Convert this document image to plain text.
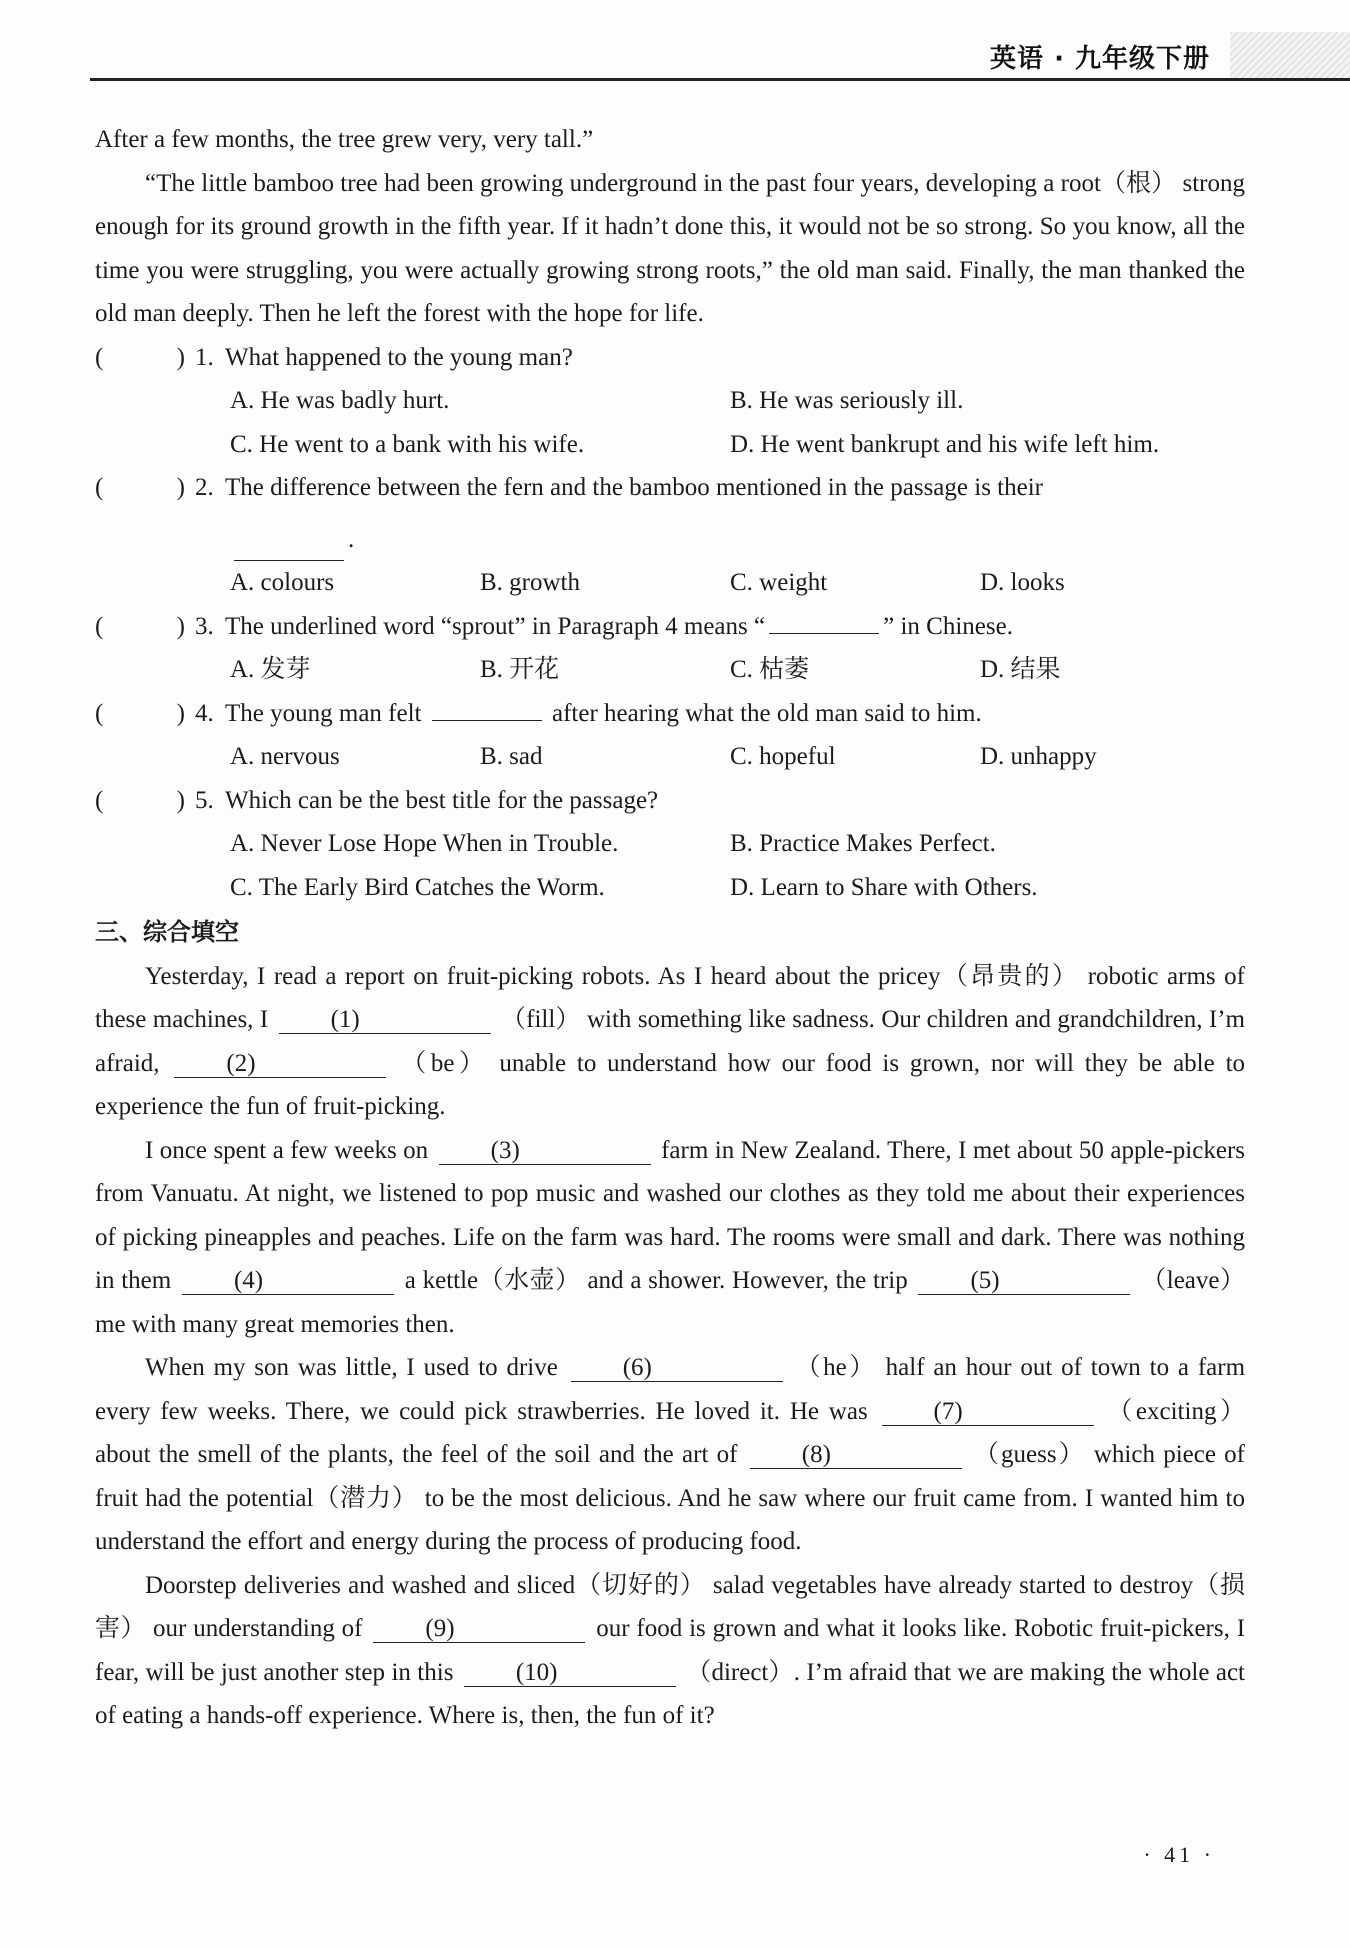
英语 · 九年级下册

After a few months, the tree grew very, very tall.”

“The little bamboo tree had been growing underground in the past four years, developing a root（根） strong enough for its ground growth in the fifth year. If it hadn’t done this, it would not be so strong. So you know, all the time you were struggling, you were actually growing strong roots,” the old man said. Finally, the man thanked the old man deeply. Then he left the forest with the hope for life.

(	) 1. What happened to the young man?
A. He was badly hurt.	B. He was seriously ill.
C. He went to a bank with his wife.	D. He went bankrupt and his wife left him.
(	) 2. The difference between the fern and the bamboo mentioned in the passage is their
.
A. colours	B. growth	C. weight	D. looks
(	) 3. The underlined word “sprout” in Paragraph 4 means “	” in Chinese.
A. 发芽	B. 开花	C. 枯萎	D. 结果
(	) 4. The young man felt	after hearing what the old man said to him.
A. nervous	B. sad	C. hopeful	D. unhappy
(	) 5. Which can be the best title for the passage?
A. Never Lose Hope When in Trouble.	B. Practice Makes Perfect.
C. The Early Bird Catches the Worm.	D. Learn to Share with Others.
三、综合填空

Yesterday, I read a report on fruit-picking robots. As I heard about the pricey（昂贵的） robotic arms of these machines, I (1)	（fill） with something like sadness. Our children and grandchildren, I’m afraid,	(2)	（be） unable to understand how our food is grown, nor will they be able to experience the fun of fruit-picking.

I once spent a few weeks on (3)	farm in New Zealand. There, I met about 50 apple-pickers from Vanuatu. At night, we listened to pop music and washed our clothes as they told me about their experiences of picking pineapples and peaches. Life on the farm was hard. The rooms were small and dark. There was nothing in them	(4)	a kettle（水壶） and a shower. However, the trip	(5)	（leave） me with many great memories then.

When my son was little, I used to drive	(6)	（he） half an hour out of town to a farm every few weeks. There, we could pick strawberries. He loved it. He was	(7)	（exciting） about the smell of the plants, the feel of the soil and the art of	(8)	（guess） which piece of fruit had the potential（潜力） to be the most delicious. And he saw where our fruit came from. I wanted him to understand the effort and energy during the process of producing food.

Doorstep deliveries and washed and sliced（切好的） salad vegetables have already started to destroy（损害） our understanding of	(9)	our food is grown and what it looks like. Robotic fruit-pickers, I fear, will be just another step in this (10)	（direct）. I’m afraid that we are making the whole act of eating a hands-off experience. Where is, then, the fun of it?

· 41 ·
